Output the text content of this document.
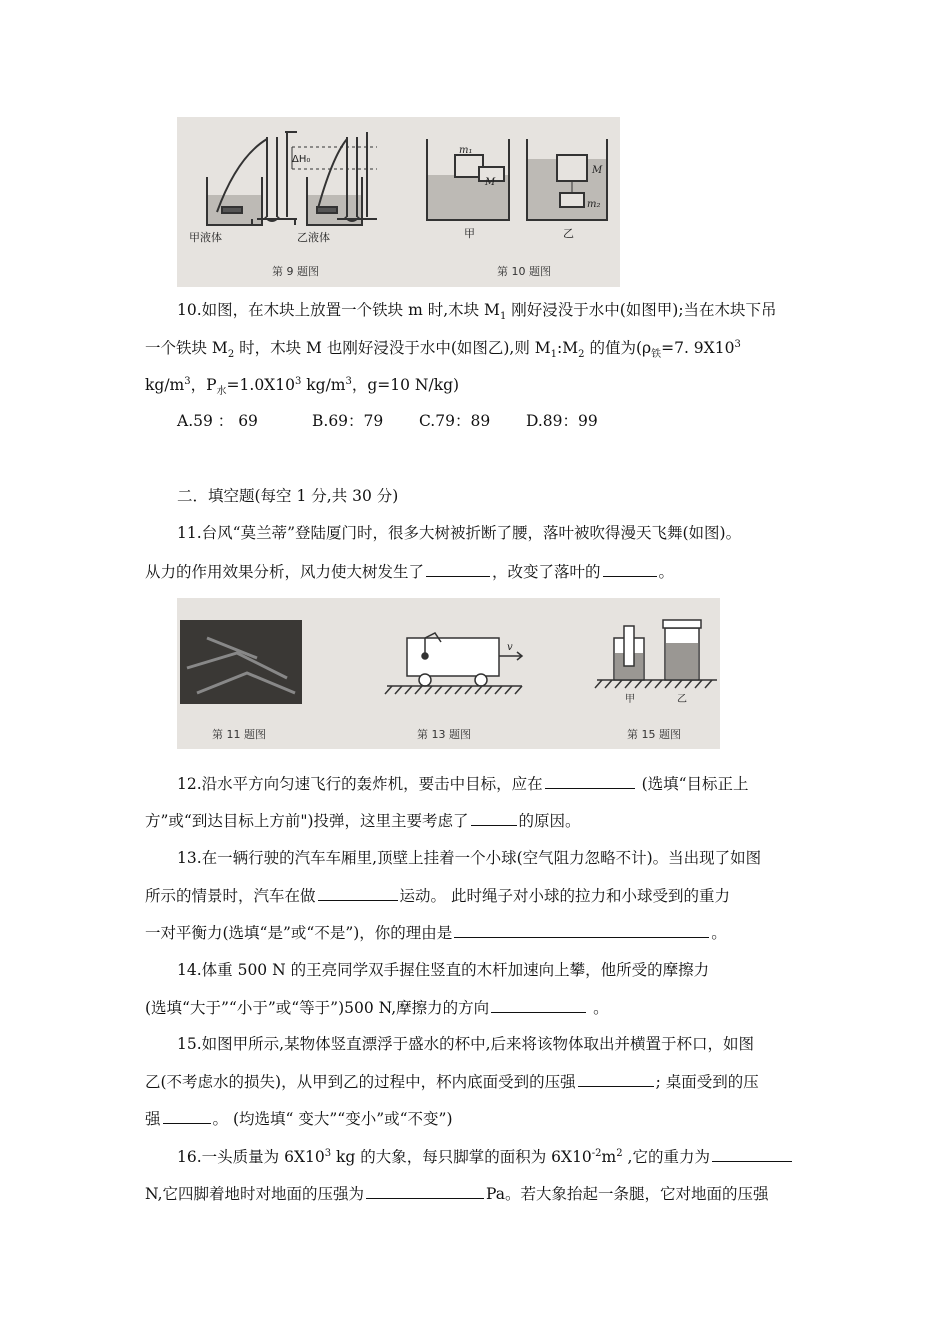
甲液体	乙液体
ΔH₀
第 9 题图
m₁
M
M
m₂
甲	乙
第 10 题图
10.如图，在木块上放置一个铁块 m 时,木块 $M_1$ 刚好浸没于水中(如图甲);当在木块下吊
一个铁块 $M_2$ 时，木块 M 也刚好浸没于水中(如图乙),则 $M_1:M_2$ 的值为($\rho_铁=7$. $9X10^3$
$kg/m^3$，$P_水=1.0X10^3$ $kg/m^3$，g=10 N/kg)
A.59 ： 69	B.69：79 C.79：89 D.89：99
二．填空题(每空 1 分,共 30 分)
11.台风“莫兰蒂”登陆厦门时，很多大树被折断了腰，落叶被吹得漫天飞舞(如图)。
从力的作用效果分析，风力使大树发生了	，改变了落叶的	。
第 11 题图
v
第 13 题图
甲	乙
第 15 题图
12.沿水平方向匀速飞行的轰炸机，要击中目标，应在	(选填“目标正上
方”或“到达目标上方前")投弹，这里主要考虑了	的原因。
13.在一辆行驶的汽车车厢里,顶壁上挂着一个小球(空气阻力忽略不计)。当出现了如图
所示的情景时，汽车在做	运动。 此时绳子对小球的拉力和小球受到的重力
一对平衡力(选填“是”或“不是”)，你的理由是	。
14.体重 500 N 的王亮同学双手握住竖直的木杆加速向上攀，他所受的摩擦力
(选填“大于”“小于”或“等于”)500 N,摩擦力的方向	。
15.如图甲所示,某物体竖直漂浮于盛水的杯中,后来将该物体取出并横置于杯口，如图
乙(不考虑水的损失)，从甲到乙的过程中，杯内底面受到的压强	; 桌面受到的压
强	。 (均选填“ 变大”“变小”或“不变”)
16.一头质量为 $6X10^3$ kg 的大象，每只脚掌的面积为 $6X10^{-2}m^2$ ,它的重力为
N,它四脚着地时对地面的压强为	Pa。若大象抬起一条腿，它对地面的压强
